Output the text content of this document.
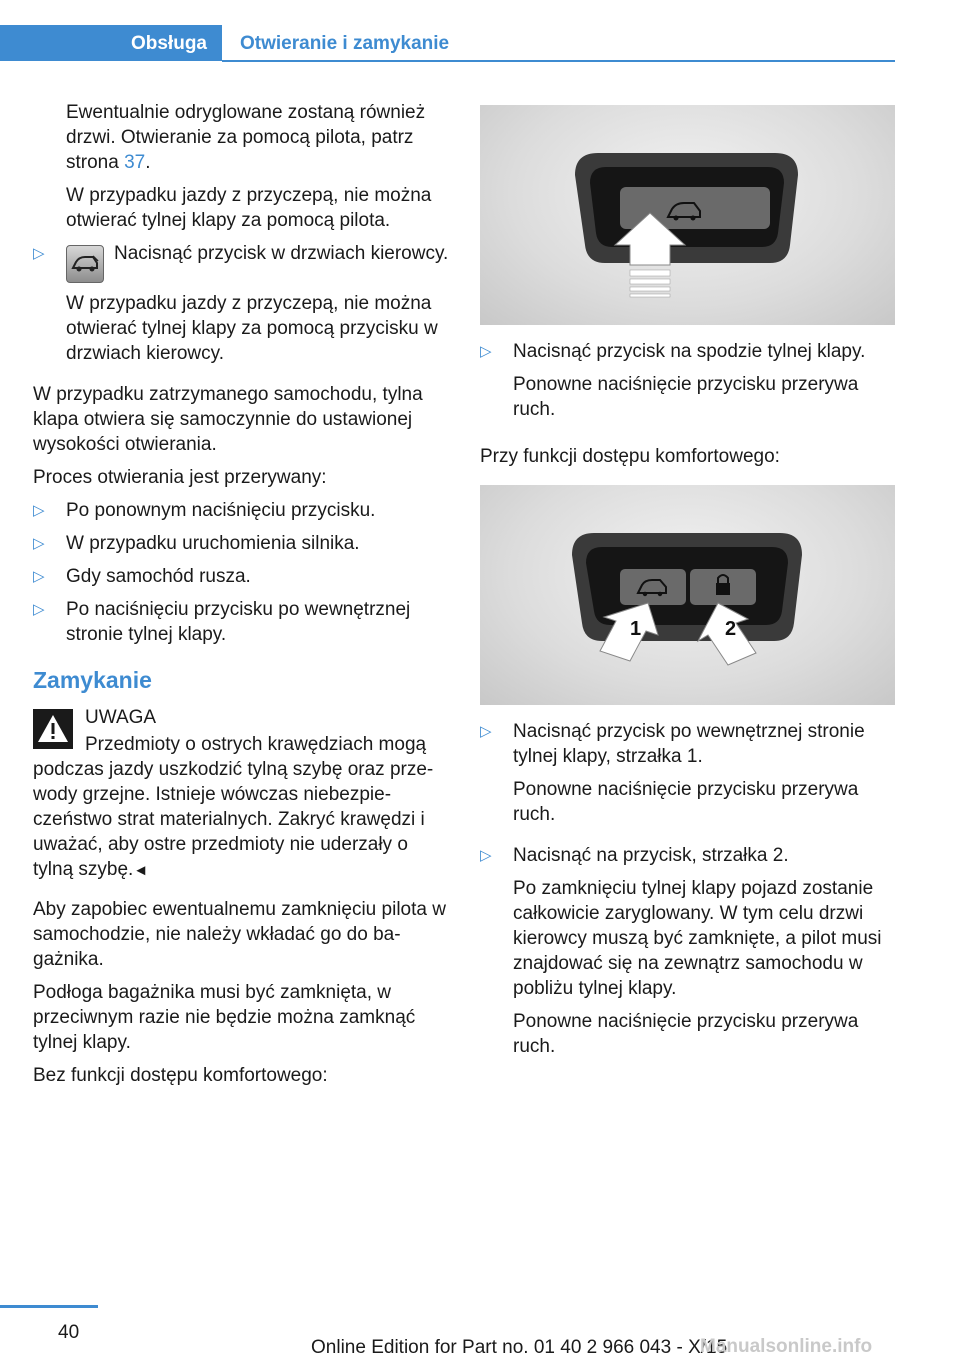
Obsługa	Otwieranie i zamykanie

Ewentualnie odryglowane zostaną również drzwi. Otwieranie za pomocą pilota, patrz strona 37.

W przypadku jazdy z przyczepą, nie można otwierać tylnej klapy za pomocą pilota.

▷	Nacisnąć przycisk w drzwiach kierowcy.

W przypadku jazdy z przyczepą, nie można otwierać tylnej klapy za pomocą przycisku w drzwiach kierowcy.

W przypadku zatrzymanego samochodu, tylna klapa otwiera się samoczynnie do ustawionej wysokości otwierania.

Proces otwierania jest przerywany:

▷	Po ponownym naciśnięciu przycisku.
▷	W przypadku uruchomienia silnika.
▷	Gdy samochód rusza.
▷	Po naciśnięciu przycisku po wewnętrznej stronie tylnej klapy.
Zamykanie
UWAGA

Przedmioty o ostrych krawędziach mogą podczas jazdy uszkodzić tylną szybę oraz przewody grzejne. Istnieje wówczas niebezpieczeństwo strat materialnych. Zakryć krawędzi i uważać, aby ostre przedmioty nie uderzały o tylną szybę.◄

Aby zapobiec ewentualnemu zamknięciu pilota w samochodzie, nie należy wkładać go do bagażnika.

Podłoga bagażnika musi być zamknięta, w przeciwnym razie nie będzie można zamknąć tylnej klapy.

Bez funkcji dostępu komfortowego:

▷	Nacisnąć przycisk na spodzie tylnej klapy.

Ponowne naciśnięcie przycisku przerywa ruch.

Przy funkcji dostępu komfortowego:

1	2
▷	Nacisnąć przycisk po wewnętrznej stronie tylnej klapy, strzałka 1.

Ponowne naciśnięcie przycisku przerywa ruch.

▷	Nacisnąć na przycisk, strzałka 2.

Po zamknięciu tylnej klapy pojazd zostanie całkowicie zaryglowany. W tym celu drzwi kierowcy muszą być zamknięte, a pilot musi znajdować się na zewnątrz samochodu w pobliżu tylnej klapy.

Ponowne naciśnięcie przycisku przerywa ruch.

40
Online Edition for Part no. 01 40 2 966 043 - X/15
Manualsonline.info
